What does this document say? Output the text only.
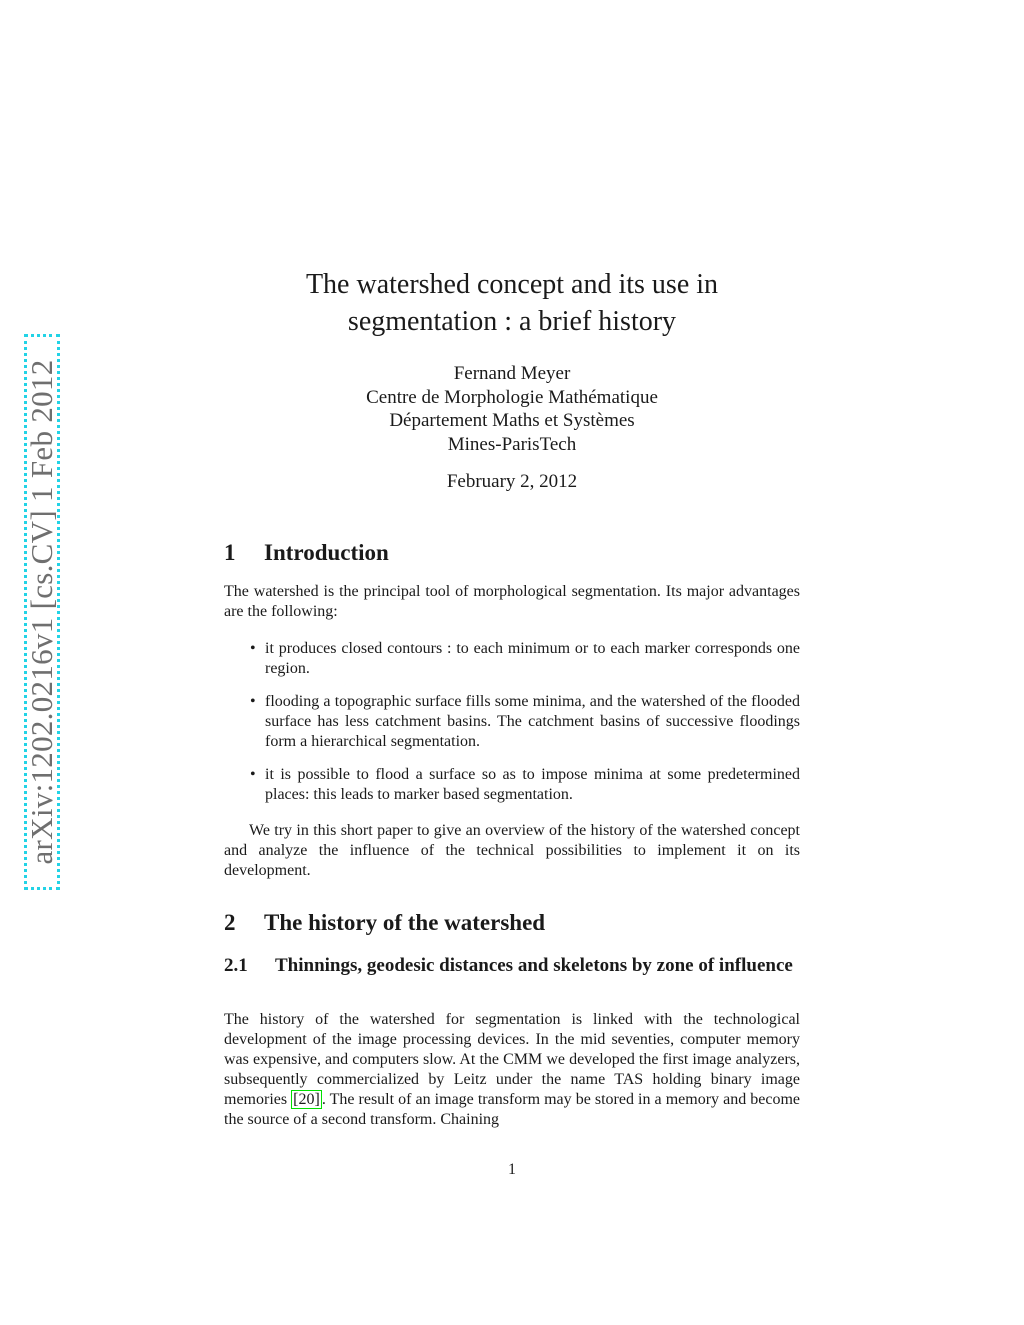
arXiv:1202.0216v1 [cs.CV] 1 Feb 2012
The watershed concept and its use in
segmentation : a brief history
Fernand Meyer
Centre de Morphologie Mathématique
Département Maths et Systèmes
Mines-ParisTech
February 2, 2012
1 Introduction

The watershed is the principal tool of morphological segmentation. Its major advantages are the following:

• it produces closed contours : to each minimum or to each marker corresponds one region.
• flooding a topographic surface fills some minima, and the watershed of the flooded surface has less catchment basins. The catchment basins of successive floodings form a hierarchical segmentation.
• it is possible to flood a surface so as to impose minima at some predetermined places: this leads to marker based segmentation.

We try in this short paper to give an overview of the history of the watershed concept and analyze the influence of the technical possibilities to implement it on its development.

2 The history of the watershed
2.1	Thinnings, geodesic distances and skeletons by zone of influence

The history of the watershed for segmentation is linked with the technological development of the image processing devices. In the mid seventies, computer memory was expensive, and computers slow. At the CMM we developed the first image analyzers, subsequently commercialized by Leitz under the name TAS holding binary image memories [20] . The result of an image transform may be stored in a memory and become the source of a second transform. Chaining

1
